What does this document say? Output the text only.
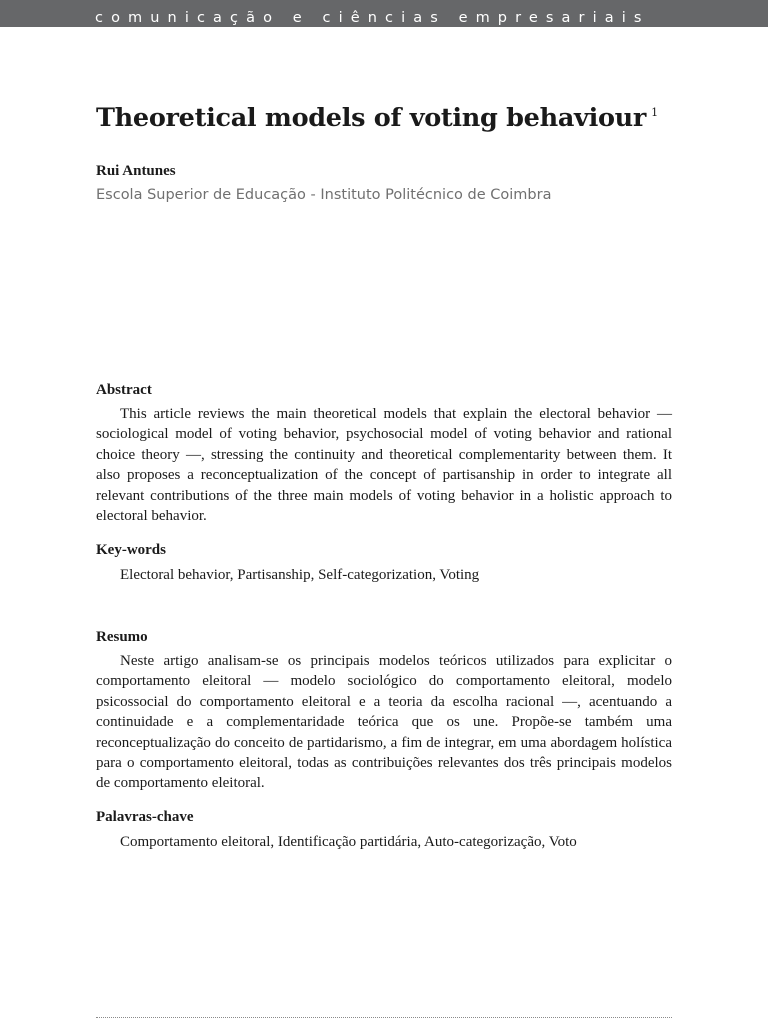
comunicação e ciências empresariais
Theoretical models of voting behaviour $^1$
Rui Antunes
Escola Superior de Educação - Instituto Politécnico de Coimbra
Abstract

This article reviews the main theoretical models that explain the electoral behavior — sociological model of voting behavior, psychosocial model of voting behavior and rational choice theory —, stressing the continuity and theoretical complementarity between them. It also proposes a reconceptualization of the concept of partisanship in order to integrate all relevant contributions of the three main models of voting behavior in a holistic approach to electoral behavior.

Key-words

Electoral behavior, Partisanship, Self-categorization, Voting

Resumo

Neste artigo analisam-se os principais modelos teóricos utilizados para explicitar o comportamento eleitoral — modelo sociológico do comportamento eleitoral, modelo psicossocial do comportamento eleitoral e a teoria da escolha racional —, acentuando a continuidade e a complementaridade teórica que os une. Propõe-se também uma reconceptualização do conceito de partidarismo, a fim de integrar, em uma abordagem holística para o comportamento eleitoral, todas as contribuições relevantes dos três principais modelos de comportamento eleitoral.

Palavras-chave

Comportamento eleitoral, Identificação partidária, Auto-categorização, Voto
